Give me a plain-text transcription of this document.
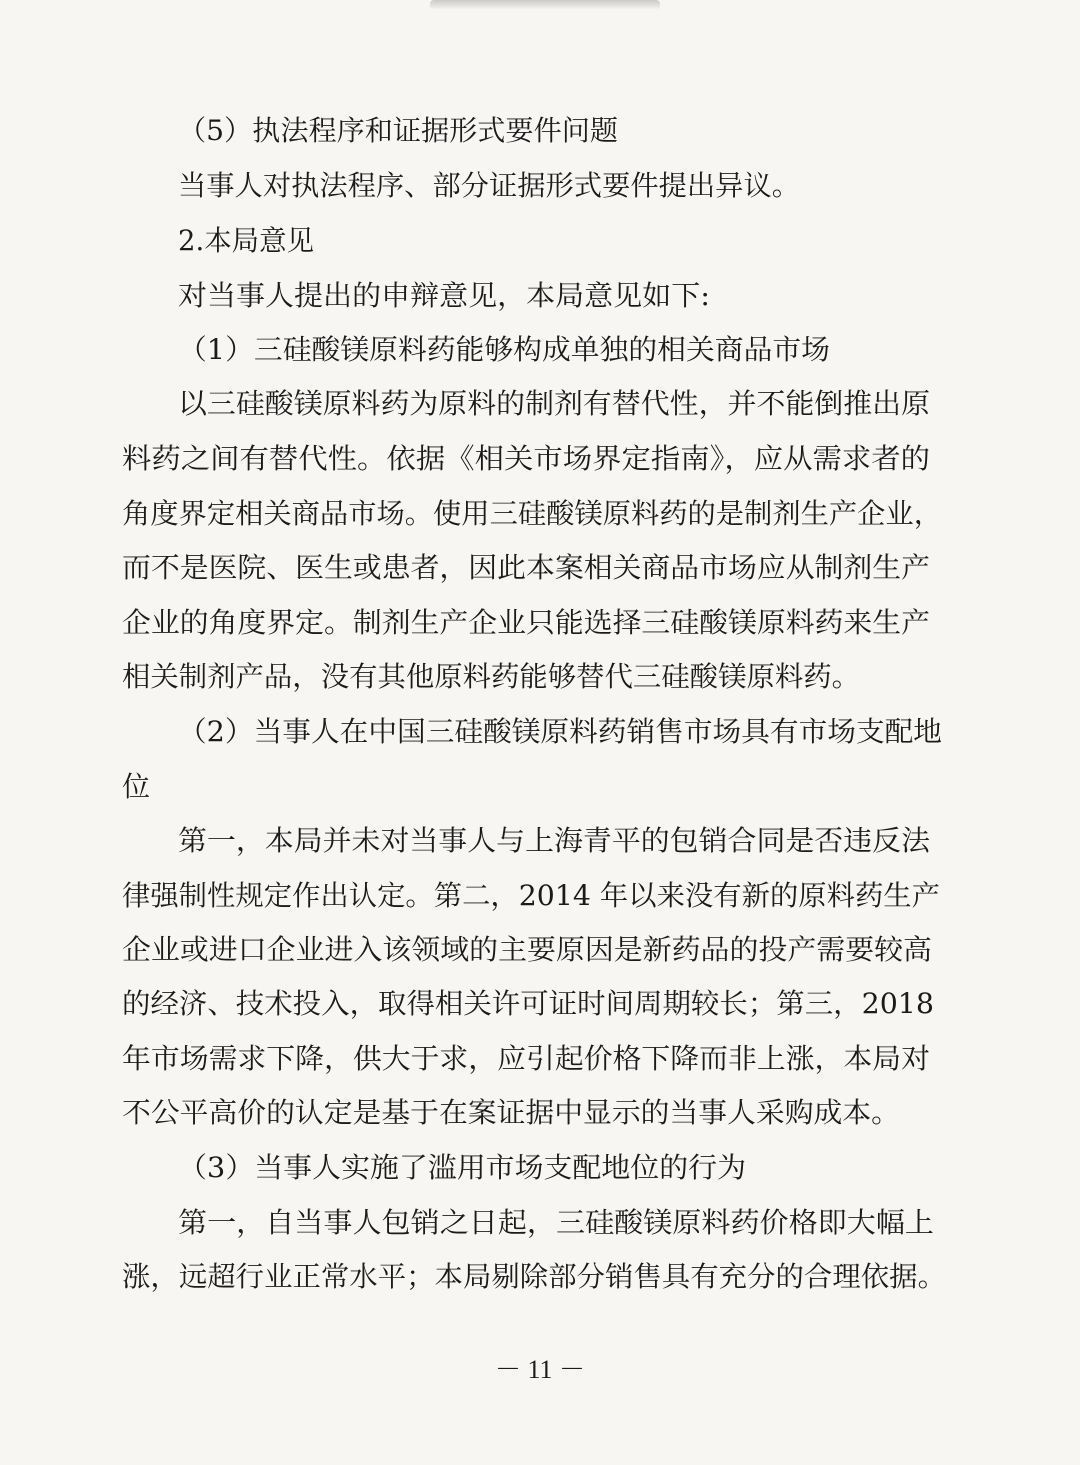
（5）执法程序和证据形式要件问题
当事人对执法程序、部分证据形式要件提出异议。
2.本局意见
对当事人提出的申辩意见，本局意见如下:
（1）三硅酸镁原料药能够构成单独的相关商品市场
以三硅酸镁原料药为原料的制剂有替代性，并不能倒推出原
料药之间有替代性。依据《相关市场界定指南》，应从需求者的
角度界定相关商品市场。使用三硅酸镁原料药的是制剂生产企业，
而不是医院、医生或患者，因此本案相关商品市场应从制剂生产
企业的角度界定。制剂生产企业只能选择三硅酸镁原料药来生产
相关制剂产品，没有其他原料药能够替代三硅酸镁原料药。
（2）当事人在中国三硅酸镁原料药销售市场具有市场支配地
位
第一，本局并未对当事人与上海青平的包销合同是否违反法
律强制性规定作出认定。第二，2014 年以来没有新的原料药生产
企业或进口企业进入该领域的主要原因是新药品的投产需要较高
的经济、技术投入，取得相关许可证时间周期较长；第三，2018
年市场需求下降，供大于求，应引起价格下降而非上涨，本局对
不公平高价的认定是基于在案证据中显示的当事人采购成本。
（3）当事人实施了滥用市场支配地位的行为
第一，自当事人包销之日起，三硅酸镁原料药价格即大幅上
涨，远超行业正常水平；本局剔除部分销售具有充分的合理依据。
－ 11 －
